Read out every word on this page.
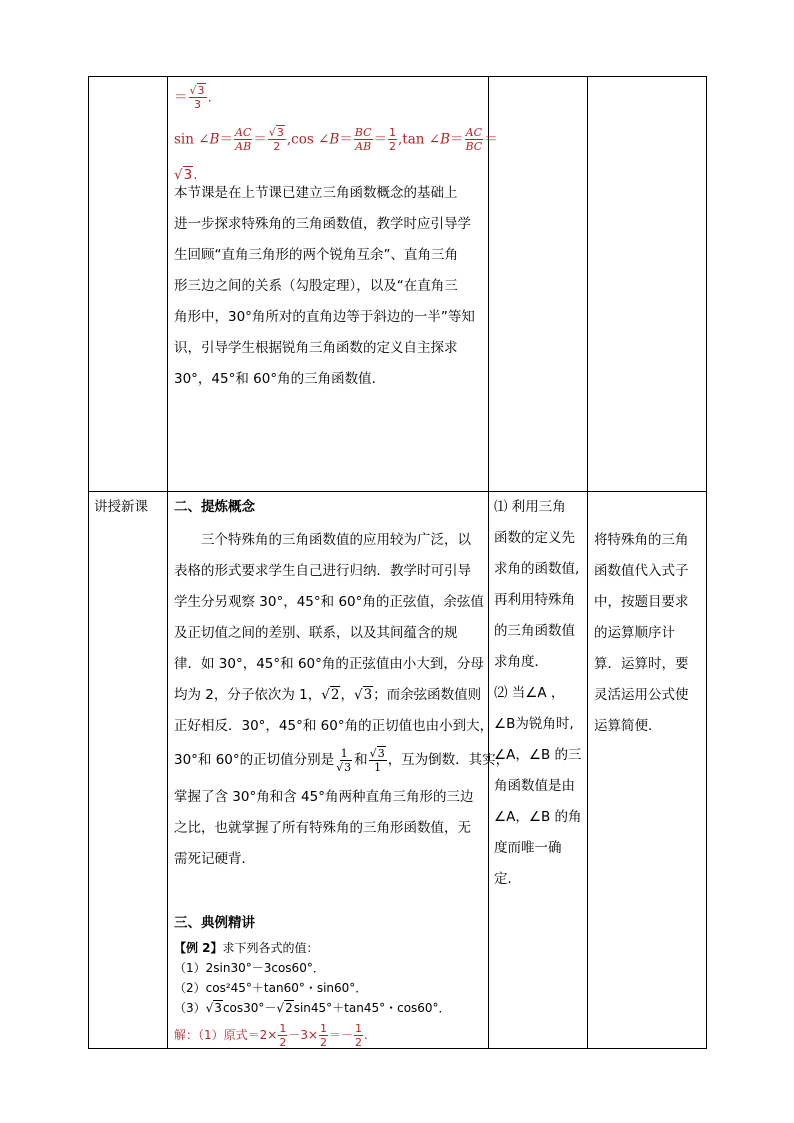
＝ $\frac{√3}{3}$ .
sin ∠B＝ $\frac{AC}{AB} = \frac{√3}{2} ,\cos$ ∠B＝ $\frac{BC}{AB} = \frac{1}{2} ,\tan$ ∠B＝ $\frac{AC}{BC}$ ＝
√3.
本节课是在上节课已建立三角函数概念的基础上
进一步探求特殊角的三角函数值，教学时应引导学
生回顾“直角三角形的两个锐角互余”、直角三角
形三边之间的关系（勾股定理），以及“在直角三
角形中，30°角所对的直角边等于斜边的一半”等知
识，引导学生根据锐角三角函数的定义自主探求
30°，45°和 60°角的三角函数值．
讲授新课 二、提炼概念
　　三个特殊角的三角函数值的应用较为广泛，以
表格的形式要求学生自己进行归纳．教学时可引导
学生分另观察 30°，45°和 60°角的正弦值，余弦值
及正切值之间的差别、联系，以及其间蕴含的规
律．如 30°，45°和 60°角的正弦值由小大到，分母
均为 2，分子依次为 1，√2，√3；而余弦函数值则
正好相反．30°，45°和 60°角的正切值也由小到大，
30°和 60°的正切值分别是 $\frac{1}{√3}$ 和 $\frac{√3}{1}$ ，互为倒数．其实，
掌握了含 30°角和含 45°角两种直角三角形的三边
之比，也就掌握了所有特殊角的三角形函数值，无
需死记硬背．
三、典例精讲
【例 2】求下列各式的值：
（1）2sin30°－3cos60°．
（2）cos²45°＋tan60°・sin60°．
（3）√3cos30°－√2sin45°＋tan45°・cos60°．
解：（1）原式$=2\times \frac{1}{2} -3\times \frac{1}{2} =- \frac{1}{2}$ .
⑴ 利用三角
函数的定义先
求角的函数值,
再利用特殊角
的三角函数值
求角度．
⑵ 当∠A ，
∠B为锐角时,
∠A，∠B 的三
角函数值是由
∠A，∠B 的角
度而唯一确
定．
将特殊角的三角
函数值代入式子
中，按题目要求
的运算顺序计
算．运算时，要
灵活运用公式使
运算简便．
